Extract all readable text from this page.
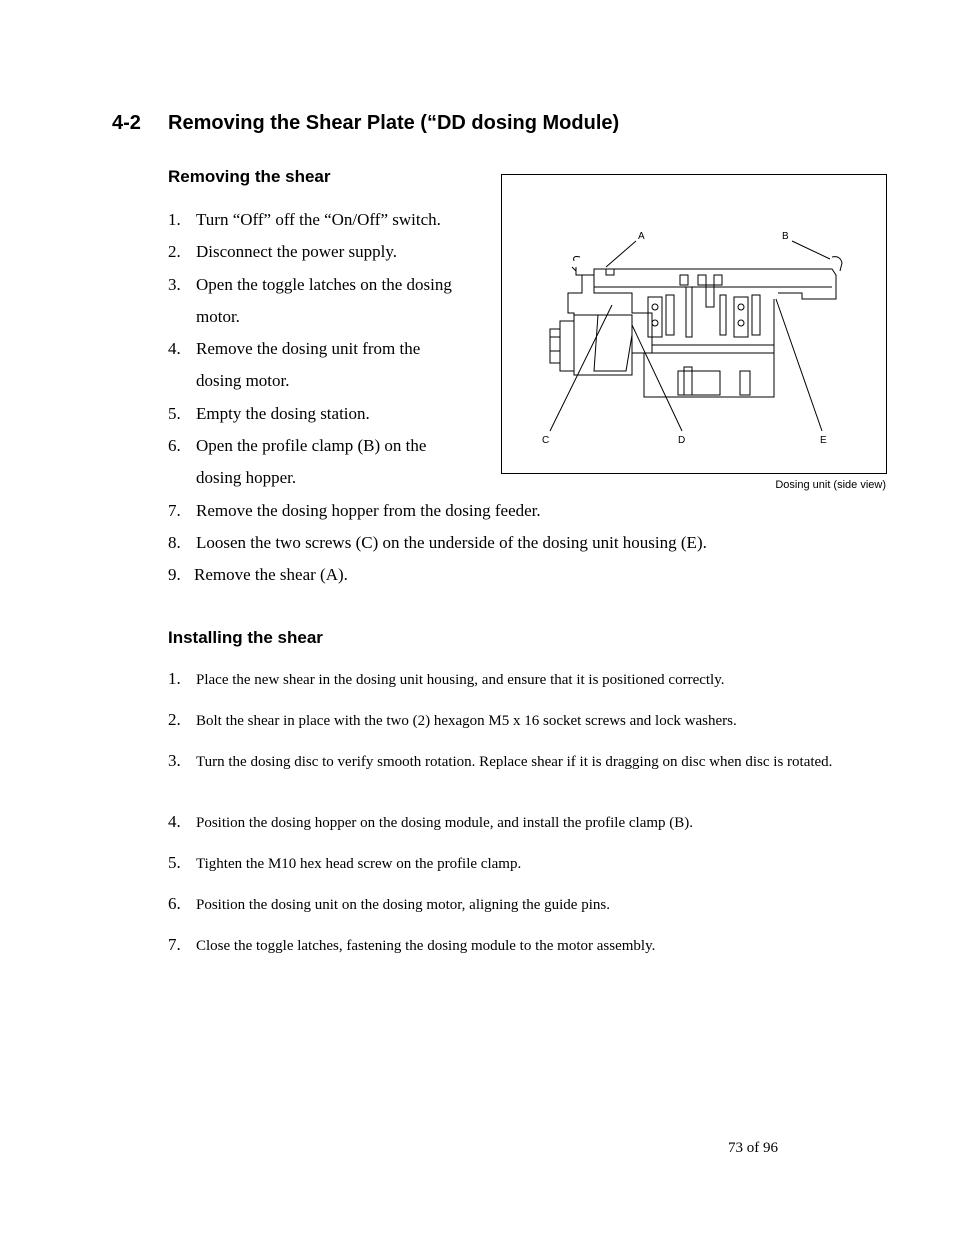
4-2 Removing the Shear Plate (“DD dosing Module)
Removing the shear
1. Turn “Off” off the “On/Off” switch.
2. Disconnect the power supply.
3. Open the toggle latches on the dosing
motor.
4. Remove the dosing unit from the
dosing motor.
5. Empty the dosing station.
6. Open the profile clamp (B) on the
dosing hopper.
7. Remove the dosing hopper from the dosing feeder.
8. Loosen the two screws (C) on the underside of the dosing unit housing (E).
9. Remove the shear (A).
A	B
C	D	E
Dosing unit (side view)
Installing the shear
1. Place the new shear in the dosing unit housing, and ensure that it is positioned correctly.
2. Bolt the shear in place with the two (2) hexagon M5 x 16 socket screws and lock washers.
3. Turn the dosing disc to verify smooth rotation. Replace shear if it is dragging on disc when disc is rotated.
4. Position the dosing hopper on the dosing module, and install the profile clamp (B).
5. Tighten the M10 hex head screw on the profile clamp.
6. Position the dosing unit on the dosing motor, aligning the guide pins.
7. Close the toggle latches, fastening the dosing module to the motor assembly.
73 of 96
